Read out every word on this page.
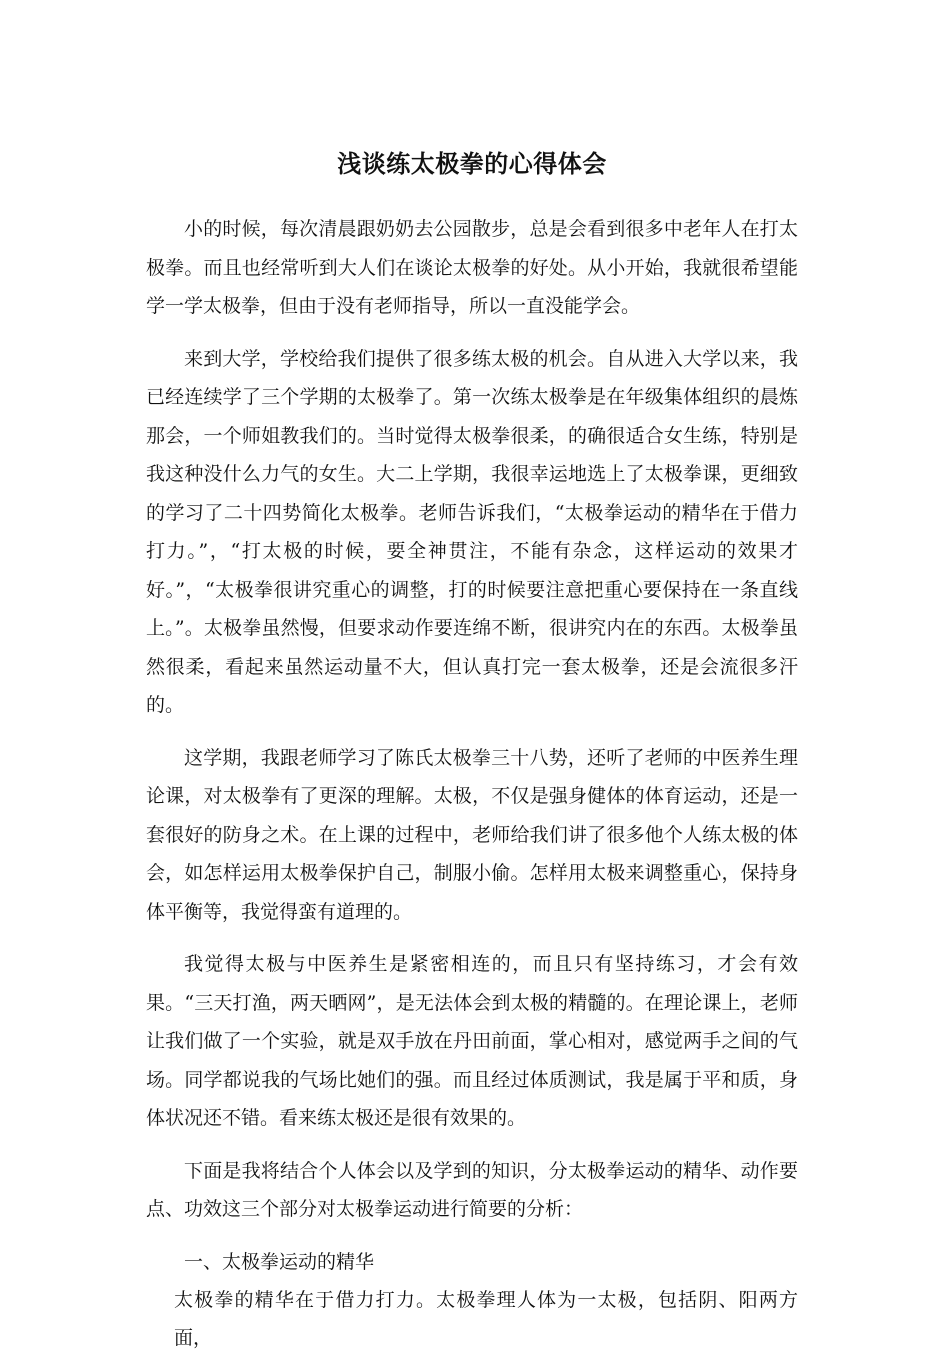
浅谈练太极拳的心得体会

小的时候，每次清晨跟奶奶去公园散步，总是会看到很多中老年人在打太极拳。而且也经常听到大人们在谈论太极拳的好处。从小开始，我就很希望能学一学太极拳，但由于没有老师指导，所以一直没能学会。

来到大学，学校给我们提供了很多练太极的机会。自从进入大学以来，我已经连续学了三个学期的太极拳了。第一次练太极拳是在年级集体组织的晨炼那会，一个师姐教我们的。当时觉得太极拳很柔，的确很适合女生练，特别是我这种没什么力气的女生。大二上学期，我很幸运地选上了太极拳课，更细致的学习了二十四势简化太极拳。老师告诉我们，“太极拳运动的精华在于借力打力。”，“打太极的时候，要全神贯注，不能有杂念，这样运动的效果才好。”，“太极拳很讲究重心的调整，打的时候要注意把重心要保持在一条直线上。”。太极拳虽然慢，但要求动作要连绵不断，很讲究内在的东西。太极拳虽然很柔，看起来虽然运动量不大，但认真打完一套太极拳，还是会流很多汗的。

这学期，我跟老师学习了陈氏太极拳三十八势，还听了老师的中医养生理论课，对太极拳有了更深的理解。太极，不仅是强身健体的体育运动，还是一套很好的防身之术。在上课的过程中，老师给我们讲了很多他个人练太极的体会，如怎样运用太极拳保护自己，制服小偷。怎样用太极来调整重心，保持身体平衡等，我觉得蛮有道理的。

我觉得太极与中医养生是紧密相连的，而且只有坚持练习，才会有效果。“三天打渔，两天晒网”，是无法体会到太极的精髓的。在理论课上，老师让我们做了一个实验，就是双手放在丹田前面，掌心相对，感觉两手之间的气场。同学都说我的气场比她们的强。而且经过体质测试，我是属于平和质，身体状况还不错。看来练太极还是很有效果的。

下面是我将结合个人体会以及学到的知识，分太极拳运动的精华、动作要点、功效这三个部分对太极拳运动进行简要的分析：

一、太极拳运动的精华

太极拳的精华在于借力打力。太极拳理人体为一太极，包括阴、阳两方面，
